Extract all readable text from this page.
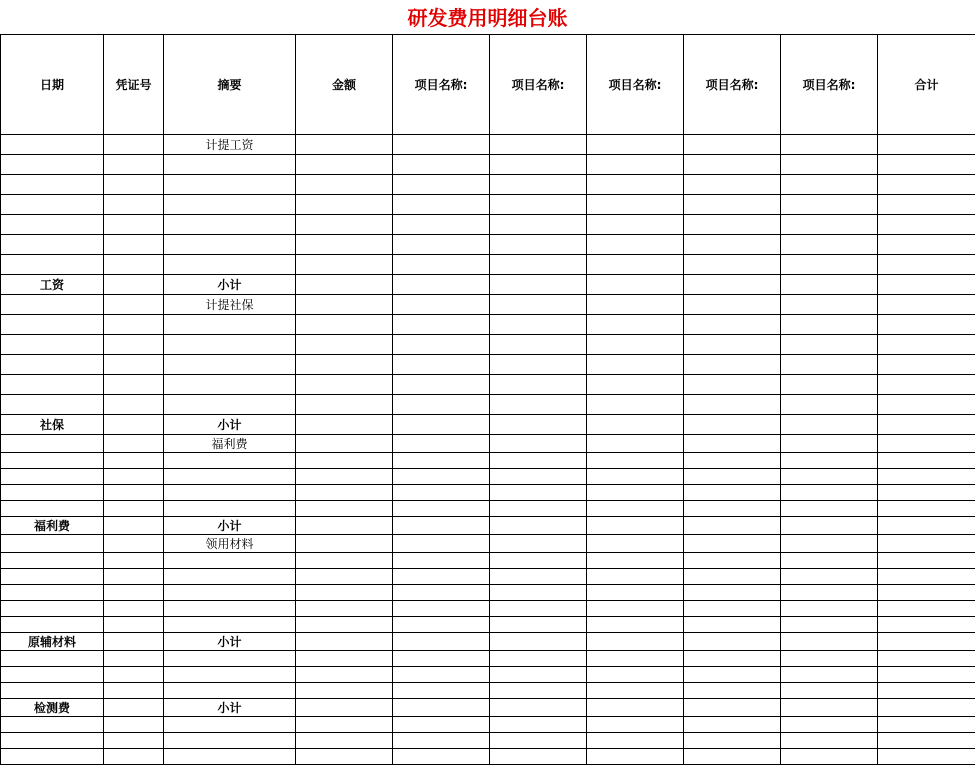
研发费用明细台账
日期	凭证号	摘要	金额	项目名称:	项目名称:	项目名称:	项目名称:	项目名称:	合计
		计提工资							

工资		小计							
		计提社保							

社保		小计							
		福利费							

福利费		小计							
		领用材料							

原辅材料		小计							

检测费		小计							
